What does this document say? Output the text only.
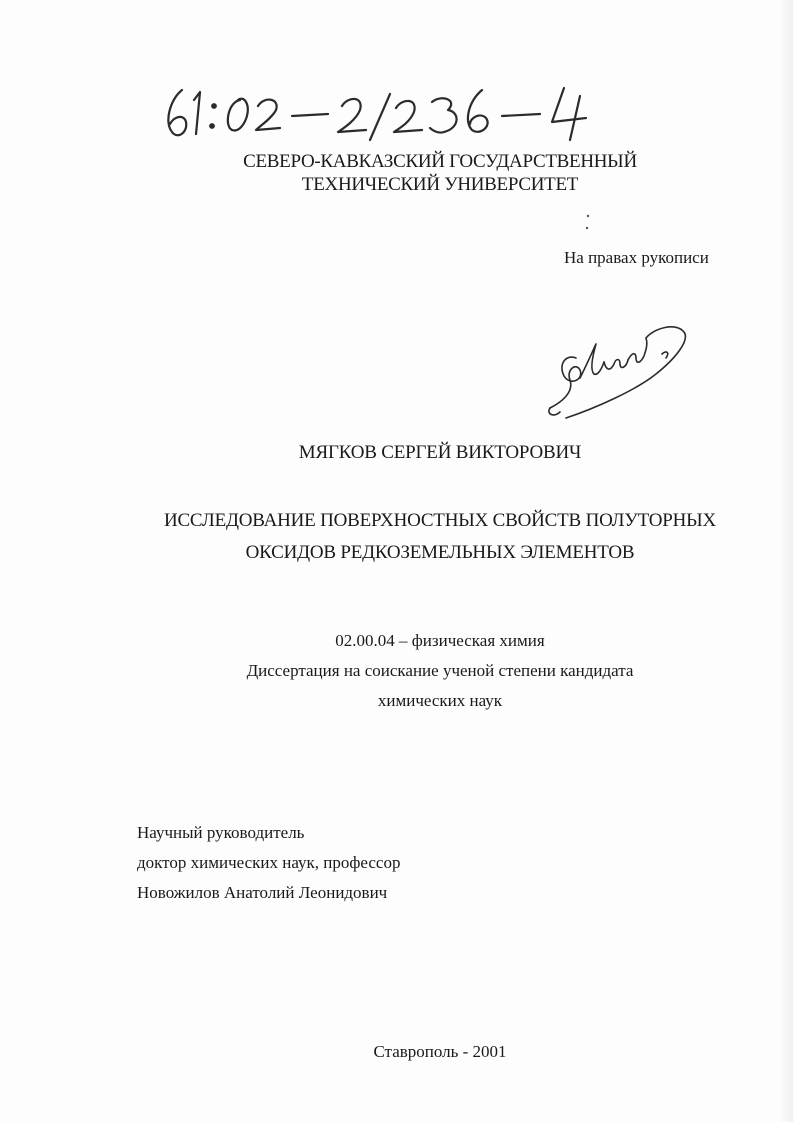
СЕВЕРО-КАВКАЗСКИЙ ГОСУДАРСТВЕННЫЙ
ТЕХНИЧЕСКИЙ УНИВЕРСИТЕТ
На правах рукописи
МЯГКОВ СЕРГЕЙ ВИКТОРОВИЧ
ИССЛЕДОВАНИЕ ПОВЕРХНОСТНЫХ СВОЙСТВ ПОЛУТОРНЫХ
ОКСИДОВ РЕДКОЗЕМЕЛЬНЫХ ЭЛЕМЕНТОВ
02.00.04 – физическая химия
Диссертация на соискание ученой степени кандидата
химических наук
Научный руководитель
доктор химических наук, профессор
Новожилов Анатолий Леонидович
Ставрополь - 2001
